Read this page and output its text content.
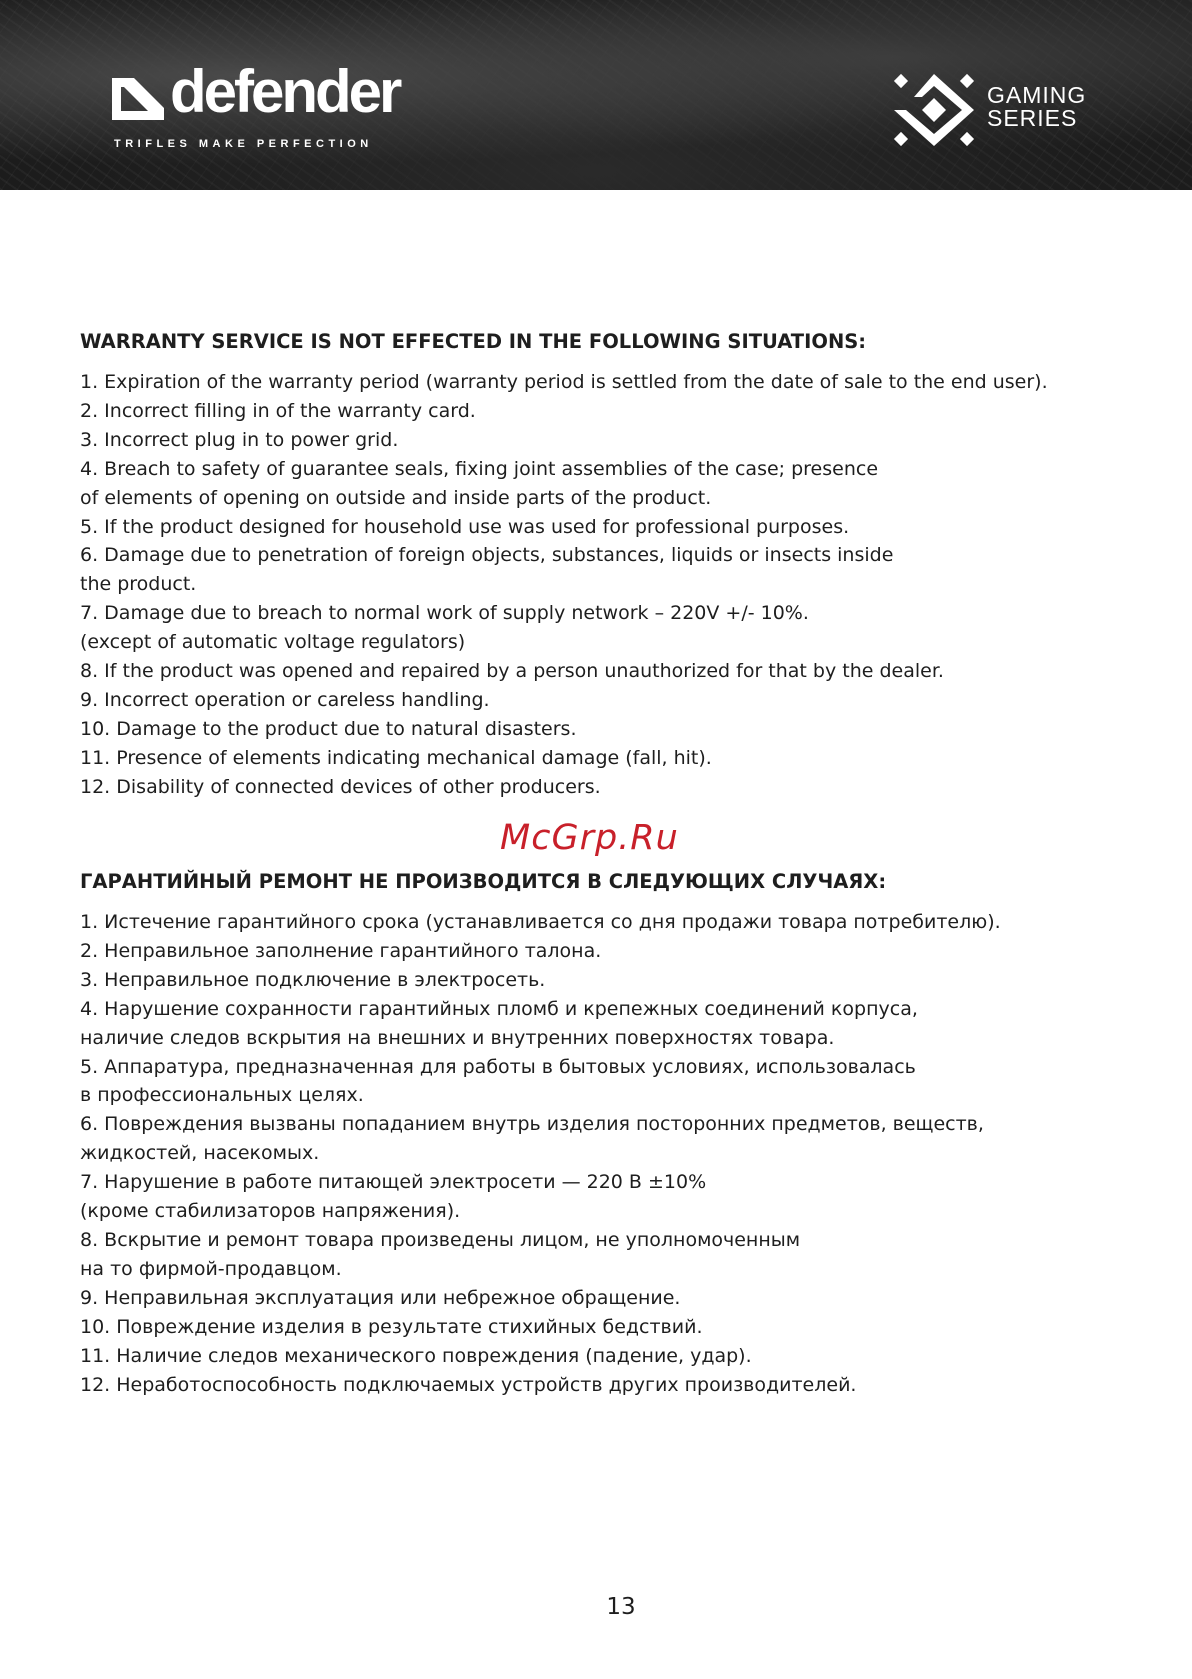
defender
TRIFLES MAKE PERFECTION
GAMING
SERIES
WARRANTY SERVICE IS NOT EFFECTED IN THE FOLLOWING SITUATIONS:
1. Expiration of the warranty period (warranty period is settled from the date of sale to the end user).
2. Incorrect filling in of the warranty card.
3. Incorrect plug in to power grid.
4. Breach to safety of guarantee seals, fixing joint assemblies of the case; presence
of elements of opening on outside and inside parts of the product.
5. If the product designed for household use was used for professional purposes.
6. Damage due to penetration of foreign objects, substances, liquids or insects inside
the product.
7. Damage due to breach to normal work of supply network – 220V +/- 10%.
(except of automatic voltage regulators)
8. If the product was opened and repaired by a person unauthorized for that by the dealer.
9. Incorrect operation or careless handling.
10. Damage to the product due to natural disasters.
11. Presence of elements indicating mechanical damage (fall, hit).
12. Disability of connected devices of other producers.
McGrp.Ru
ГАРАНТИЙНЫЙ РЕМОНТ НЕ ПРОИЗВОДИТСЯ В СЛЕДУЮЩИХ СЛУЧАЯХ:
1. Истечение гарантийного срока (устанавливается со дня продажи товара потребителю).
2. Неправильное заполнение гарантийного талона.
3. Неправильное подключение в электросеть.
4. Нарушение сохранности гарантийных пломб и крепежных соединений корпуса,
наличие следов вскрытия на внешних и внутренних поверхностях товара.
5. Аппаратура, предназначенная для работы в бытовых условиях, использовалась
в профессиональных целях.
6. Повреждения вызваны попаданием внутрь изделия посторонних предметов, веществ,
жидкостей, насекомых.
7. Нарушение в работе питающей электросети — 220 В ±10%
(кроме стабилизаторов напряжения).
8. Вскрытие и ремонт товара произведены лицом, не уполномоченным
на то фирмой-продавцом.
9. Неправильная эксплуатация или небрежное обращение.
10. Повреждение изделия в результате стихийных бедствий.
11. Наличие следов механического повреждения (падение, удар).
12. Неработоспособность подключаемых устройств других производителей.
13
